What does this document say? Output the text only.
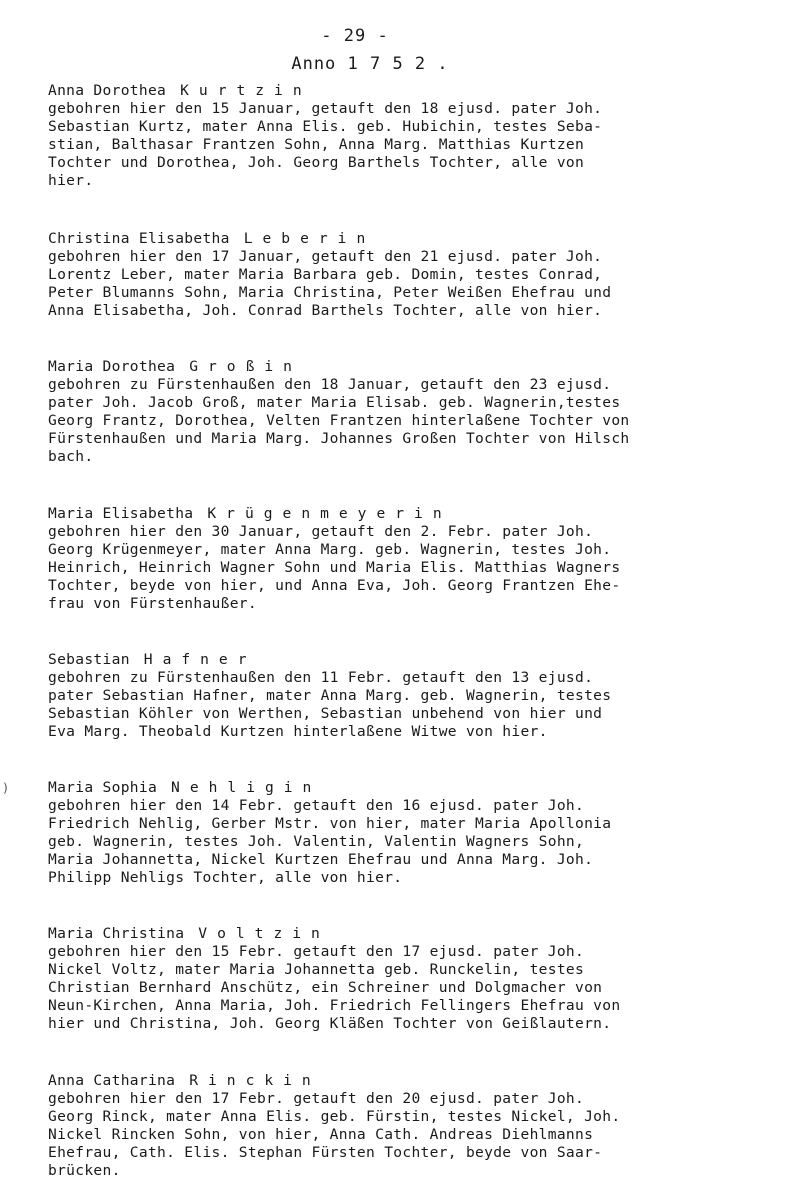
- 29 -
Anno 1 7 5 2 .
)
Anna Dorothea Kurtzin
gebohren hier den 15 Januar, getauft den 18 ejusd. pater Joh.
Sebastian Kurtz, mater Anna Elis. geb. Hubichin, testes Seba-
stian, Balthasar Frantzen Sohn, Anna Marg. Matthias Kurtzen
Tochter und Dorothea, Joh. Georg Barthels Tochter, alle von
hier.
Christina Elisabetha Leberin
gebohren hier den 17 Januar, getauft den 21 ejusd. pater Joh.
Lorentz Leber, mater Maria Barbara geb. Domin, testes Conrad,
Peter Blumanns Sohn, Maria Christina, Peter Weißen Ehefrau und
Anna Elisabetha, Joh. Conrad Barthels Tochter, alle von hier.
Maria Dorothea Großin
gebohren zu Fürstenhaußen den 18 Januar, getauft den 23 ejusd.
pater Joh. Jacob Groß, mater Maria Elisab. geb. Wagnerin,testes
Georg Frantz, Dorothea, Velten Frantzen hinterlaßene Tochter von
Fürstenhaußen und Maria Marg. Johannes Großen Tochter von Hilsch
bach.
Maria Elisabetha Krügenmeyerin
gebohren hier den 30 Januar, getauft den 2. Febr. pater Joh.
Georg Krügenmeyer, mater Anna Marg. geb. Wagnerin, testes Joh.
Heinrich, Heinrich Wagner Sohn und Maria Elis. Matthias Wagners
Tochter, beyde von hier, und Anna Eva, Joh. Georg Frantzen Ehe-
frau von Fürstenhaußer.
Sebastian Hafner
gebohren zu Fürstenhaußen den 11 Febr. getauft den 13 ejusd.
pater Sebastian Hafner, mater Anna Marg. geb. Wagnerin, testes
Sebastian Köhler von Werthen, Sebastian unbehend von hier und
Eva Marg. Theobald Kurtzen hinterlaßene Witwe von hier.
Maria Sophia Nehligin
gebohren hier den 14 Febr. getauft den 16 ejusd. pater Joh.
Friedrich Nehlig, Gerber Mstr. von hier, mater Maria Apollonia
geb. Wagnerin, testes Joh. Valentin, Valentin Wagners Sohn,
Maria Johannetta, Nickel Kurtzen Ehefrau und Anna Marg. Joh.
Philipp Nehligs Tochter, alle von hier.
Maria Christina Voltzin
gebohren hier den 15 Febr. getauft den 17 ejusd. pater Joh.
Nickel Voltz, mater Maria Johannetta geb. Runckelin, testes
Christian Bernhard Anschütz, ein Schreiner und Dolgmacher von
Neun-Kirchen, Anna Maria, Joh. Friedrich Fellingers Ehefrau von
hier und Christina, Joh. Georg Kläßen Tochter von Geißlautern.
Anna Catharina Rinckin
gebohren hier den 17 Febr. getauft den 20 ejusd. pater Joh.
Georg Rinck, mater Anna Elis. geb. Fürstin, testes Nickel, Joh.
Nickel Rincken Sohn, von hier, Anna Cath. Andreas Diehlmanns
Ehefrau, Cath. Elis. Stephan Fürsten Tochter, beyde von Saar-
brücken.
